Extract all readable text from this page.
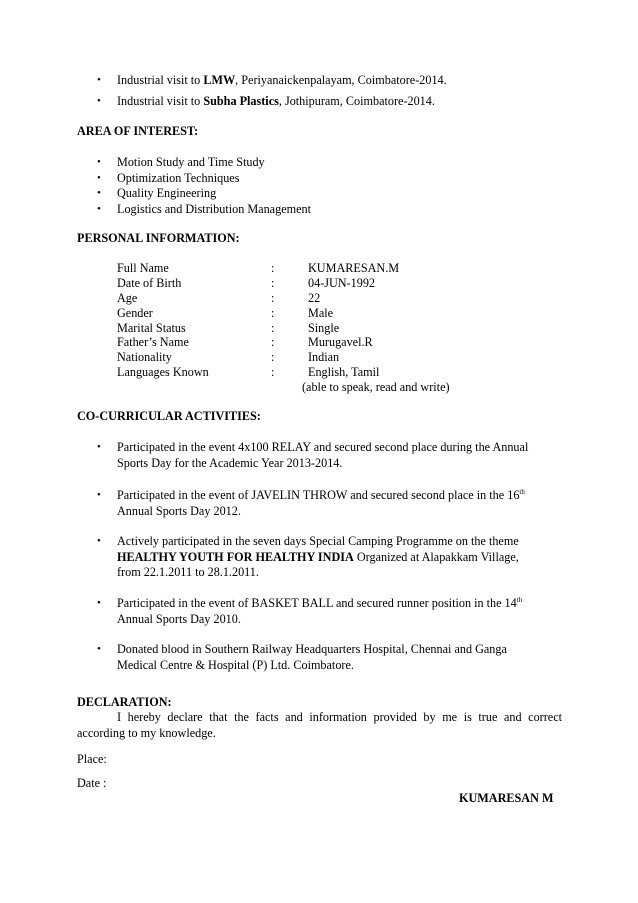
• Industrial visit to LMW, Periyanaickenpalayam, Coimbatore-2014.
• Industrial visit to Subha Plastics, Jothipuram, Coimbatore-2014.
AREA OF INTEREST:
• Motion Study and Time Study
• Optimization Techniques
• Quality Engineering
• Logistics and Distribution Management
PERSONAL INFORMATION:
Full Name	:	KUMARESAN.M
Date of Birth	:	04-JUN-1992
Age	:	22
Gender	:	Male
Marital Status	:	Single
Father’s Name	:	Murugavel.R
Nationality	:	Indian
Languages Known	:	English, Tamil
(able to speak, read and write)
CO-CURRICULAR ACTIVITIES:
• Participated in the event 4x100 RELAY and secured second place during the Annual
Sports Day for the Academic Year 2013-2014.
• Participated in the event of JAVELIN THROW and secured second place in the 16th
Annual Sports Day 2012.
• Actively participated in the seven days Special Camping Programme on the theme
HEALTHY YOUTH FOR HEALTHY INDIA Organized at Alapakkam Village,
from 22.1.2011 to 28.1.2011.
• Participated in the event of BASKET BALL and secured runner position in the 14th
Annual Sports Day 2010.
• Donated blood in Southern Railway Headquarters Hospital, Chennai and Ganga
Medical Centre & Hospital (P) Ltd. Coimbatore.
DECLARATION:
I hereby declare that the facts and information provided by me is true and correct
according to my knowledge.
Place:
Date :
KUMARESAN M
